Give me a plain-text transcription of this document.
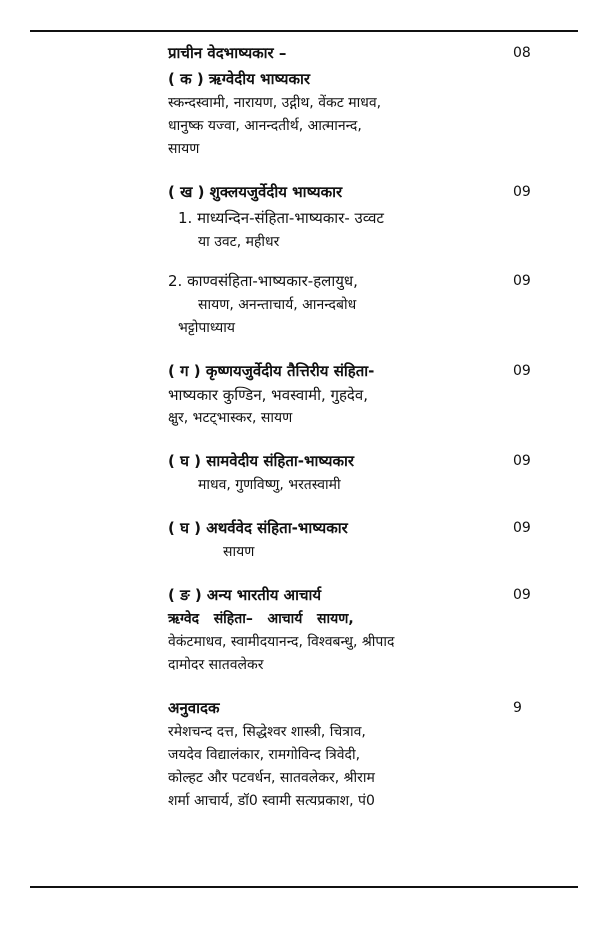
प्राचीन वेदभाष्यकार –	08
( क ) ऋग्वेदीय भाष्यकार
स्कन्दस्वामी, नारायण, उद्गीथ, वेंकट माधव,
धानुष्क यज्वा, आनन्दतीर्थ, आत्मानन्द,
सायण
( ख ) शुक्लयजुर्वेदीय भाष्यकार	09
1. माध्यन्दिन-संहिता-भाष्यकार- उव्वट
या उवट, महीधर
2. काण्वसंहिता-भाष्यकार-हलायुध,	09
सायण, अनन्ताचार्य, आनन्दबोध
भट्टोपाध्याय
( ग ) कृष्णयजुर्वेदीय तैत्तिरीय संहिता-	09
भाष्यकार कुण्डिन, भवस्वामी, गुहदेव,
क्षुर, भटट्भास्कर, सायण
( घ ) सामवेदीय संहिता-भाष्यकार	09
माधव, गुणविष्णु, भरतस्वामी
( घ ) अथर्ववेद संहिता-भाष्यकार	09
सायण
( ङ ) अन्य भारतीय आचार्य	09
ऋग्वेद   संहिता–   आचार्य   सायण,
वेकंटमाधव, स्वामीदयानन्द, विश्वबन्धु, श्रीपाद
दामोदर सातवलेकर
अनुवादक	9
रमेशचन्द दत्त, सिद्धेश्वर शास्त्री, चित्राव,
जयदेव विद्यालंकार, रामगोविन्द त्रिवेदी,
कोल्हट और पटवर्धन, सातवलेकर, श्रीराम
शर्मा आचार्य, डॉ0 स्वामी सत्यप्रकाश, पं0
